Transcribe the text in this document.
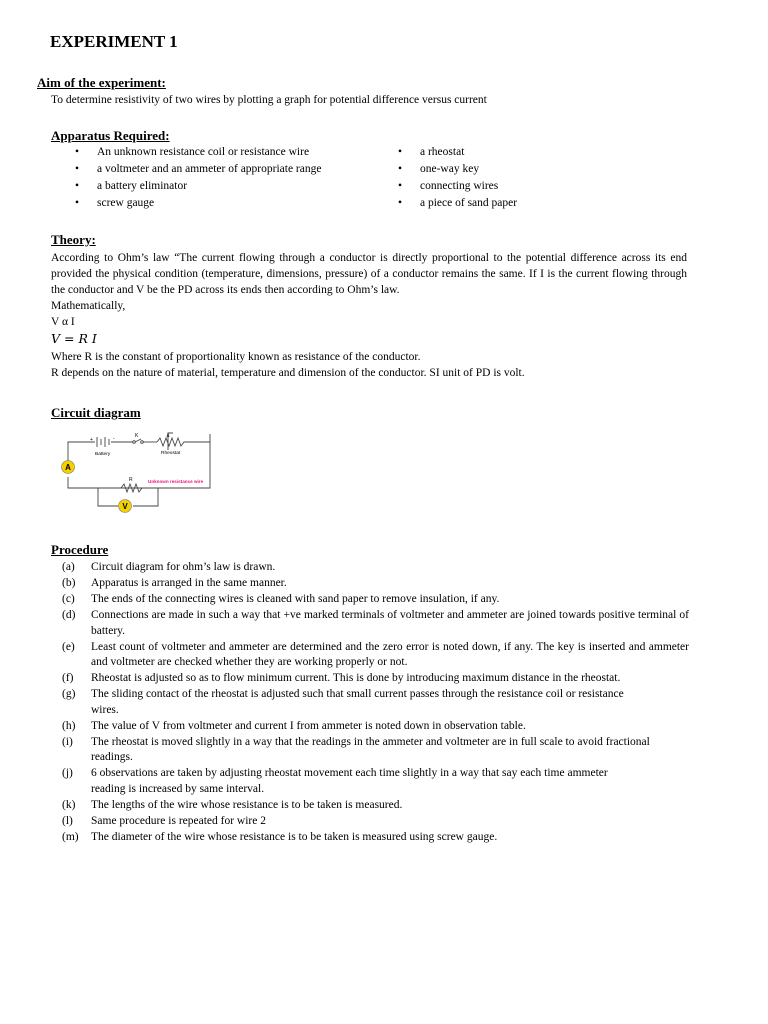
EXPERIMENT 1
Aim of the experiment:
To determine resistivity of two wires by plotting a graph for potential difference versus current
Apparatus Required:
• An unknown resistance coil or resistance wire
• a voltmeter and an ammeter of appropriate range
• a battery eliminator
• screw gauge
• a rheostat
• one-way key
• connecting wires
• a piece of sand paper
Theory:
According to Ohm’s law “The current flowing through a conductor is directly proportional to the potential difference across its end provided the physical condition (temperature, dimensions, pressure) of a conductor remains the same. If I is the current flowing through the conductor and V be the PD across its ends then according to Ohm’s law.
Mathematically,
V α I
V = R I
Where R is the constant of proportionality known as resistance of the conductor.
R depends on the nature of material, temperature and dimension of the conductor. SI unit of PD is volt.
Circuit diagram
A
V
+	-
Battery
K
Rheostat
R	Unknown resistance wire
Procedure
(a) Circuit diagram for ohm’s law is drawn.
(b) Apparatus is arranged in the same manner.
(c) The ends of the connecting wires is cleaned with sand paper to remove insulation, if any.
(d) Connections are made in such a way that +ve marked terminals of voltmeter and ammeter are joined towards positive terminal of battery.
(e) Least count of voltmeter and ammeter are determined and the zero error is noted down, if any. The key is inserted and ammeter and voltmeter are checked whether they are working properly or not.
(f) Rheostat is adjusted so as to flow minimum current. This is done by introducing maximum distance in the rheostat.
(g) The sliding contact of the rheostat is adjusted such that small current passes through the resistance coil or resistance wires.
(h) The value of V from voltmeter and current I from ammeter is noted down in observation table.
(i) The rheostat is moved slightly in a way that the readings in the ammeter and voltmeter are in full scale to avoid fractional readings.
(j) 6 observations are taken by adjusting rheostat movement each time slightly in a way that say each time ammeter reading is increased by same interval.
(k) The lengths of the wire whose resistance is to be taken is measured.
(l) Same procedure is repeated for wire 2
(m) The diameter of the wire whose resistance is to be taken is measured using screw gauge.
